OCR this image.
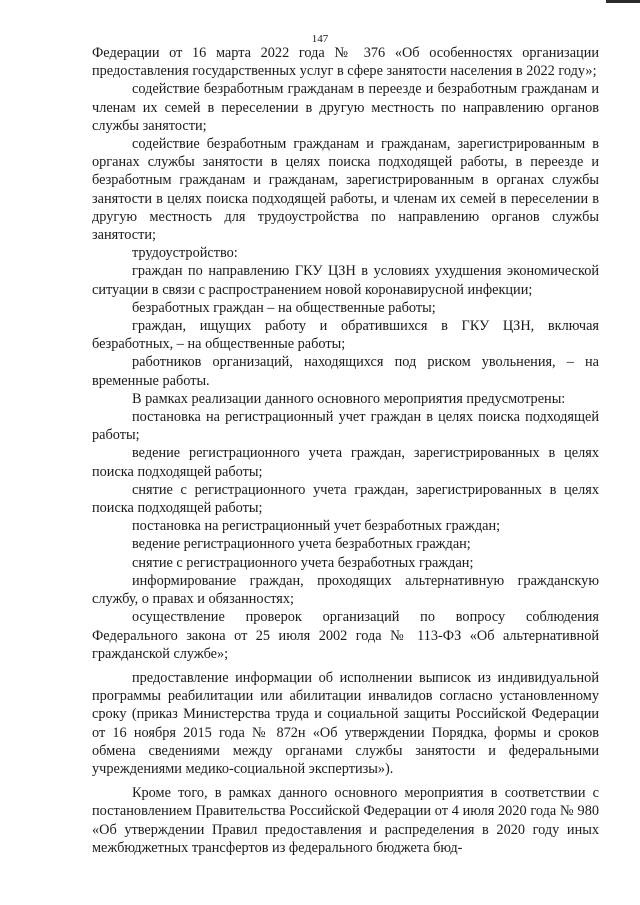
147

Федерации от 16 марта 2022 года № 376 «Об особенностях организации предоставления государственных услуг в сфере занятости населения в 2022 году»;

содействие безработным гражданам в переезде и безработным гражданам и членам их семей в переселении в другую местность по направлению органов службы занятости;

содействие безработным гражданам и гражданам, зарегистрированным в органах службы занятости в целях поиска подходящей работы, в переезде и безработным гражданам и гражданам, зарегистрированным в органах службы занятости в целях поиска подходящей работы, и членам их семей в переселении в другую местность для трудоустройства по направлению органов службы занятости;

трудоустройство:

граждан по направлению ГКУ ЦЗН в условиях ухудшения экономической ситуации в связи с распространением новой коронавирусной инфекции;

безработных граждан – на общественные работы;

граждан, ищущих работу и обратившихся в ГКУ ЦЗН, включая безработных, – на общественные работы;

работников организаций, находящихся под риском увольнения, – на временные работы.

В рамках реализации данного основного мероприятия предусмотрены:

постановка на регистрационный учет граждан в целях поиска подходящей работы;

ведение регистрационного учета граждан, зарегистрированных в целях поиска подходящей работы;

снятие с регистрационного учета граждан, зарегистрированных в целях поиска подходящей работы;

постановка на регистрационный учет безработных граждан;

ведение регистрационного учета безработных граждан;

снятие с регистрационного учета безработных граждан;

информирование граждан, проходящих альтернативную гражданскую службу, о правах и обязанностях;

осуществление проверок организаций по вопросу соблюдения Федерального закона от 25 июля 2002 года № 113-ФЗ «Об альтернативной гражданской службе»;

предоставление информации об исполнении выписок из индивидуальной программы реабилитации или абилитации инвалидов согласно установленному сроку (приказ Министерства труда и социальной защиты Российской Федерации от 16 ноября 2015 года № 872н «Об утверждении Порядка, формы и сроков обмена сведениями между органами службы занятости и федеральными учреждениями медико-социальной экспертизы»).

Кроме того, в рамках данного основного мероприятия в соответствии с постановлением Правительства Российской Федерации от 4 июля 2020 года № 980 «Об утверждении Правил предоставления и распределения в 2020 году иных межбюджетных трансфертов из федерального бюджета бюд-
